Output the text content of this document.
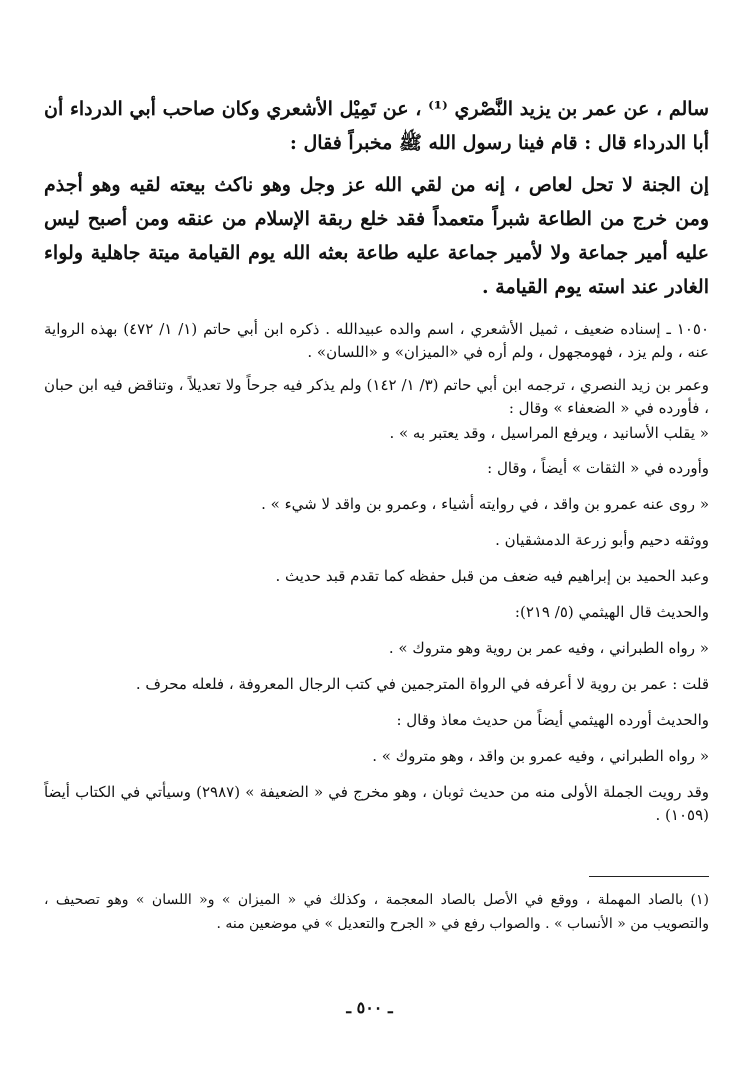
سالم ، عن عمر بن يزيد النَّصْري ⁽¹⁾ ، عن تَمِيْل الأشعري وكان صاحب أبي الدرداء أن أبا الدرداء قال : قام فينا رسول الله ﷺ مخبراً فقال :

إن الجنة لا تحل لعاص ، إنه من لقي الله عز وجل وهو ناكث بيعته لقيه وهو أجذم ومن خرج من الطاعة شبراً متعمداً فقد خلع ربقة الإسلام من عنقه ومن أصبح ليس عليه أمير جماعة ولا لأمير جماعة عليه طاعة بعثه الله يوم القيامة ميتة جاهلية ولواء الغادر عند استه يوم القيامة .

١٠٥٠ ـ إسناده ضعيف ، ثميل الأشعري ، اسم والده عبيدالله . ذكره ابن أبي حاتم (١/ ١/ ٤٧٢) بهذه الرواية عنه ، ولم يزد ، فهومجهول ، ولم أره في «الميزان» و «اللسان» .

وعمر بن زيد النصري ، ترجمه ابن أبي حاتم (٣/ ١/ ١٤٢) ولم يذكر فيه جرحاً ولا تعديلاً ، وتناقض فيه ابن حبان ، فأورده في « الضعفاء » وقال :

« يقلب الأسانيد ، ويرفع المراسيل ، وقد يعتبر به » .

وأورده في « الثقات » أيضاً ، وقال :

« روى عنه عمرو بن واقد ، في روايته أشياء ، وعمرو بن واقد لا شيء » .

ووثقه دحيم وأبو زرعة الدمشقيان .

وعبد الحميد بن إبراهيم فيه ضعف من قبل حفظه كما تقدم قبد حديث .

والحديث قال الهيثمي (٥/ ٢١٩):

« رواه الطبراني ، وفيه عمر بن روية وهو متروك » .

قلت : عمر بن روية لا أعرفه في الرواة المترجمين في كتب الرجال المعروفة ، فلعله محرف .

والحديث أورده الهيثمي أيضاً من حديث معاذ وقال :

« رواه الطبراني ، وفيه عمرو بن واقد ، وهو متروك » .

وقد رويت الجملة الأولى منه من حديث ثوبان ، وهو مخرج في « الضعيفة » (٢٩٨٧) وسيأتي في الكتاب أيضاً (١٠٥٩) .

(١) بالصاد المهملة ، ووقع في الأصل بالصاد المعجمة ، وكذلك في « الميزان » و« اللسان » وهو تصحيف ، والتصويب من « الأنساب » . والصواب رفع في « الجرح والتعديل » في موضعين منه .

ـ ٥٠٠ ـ
